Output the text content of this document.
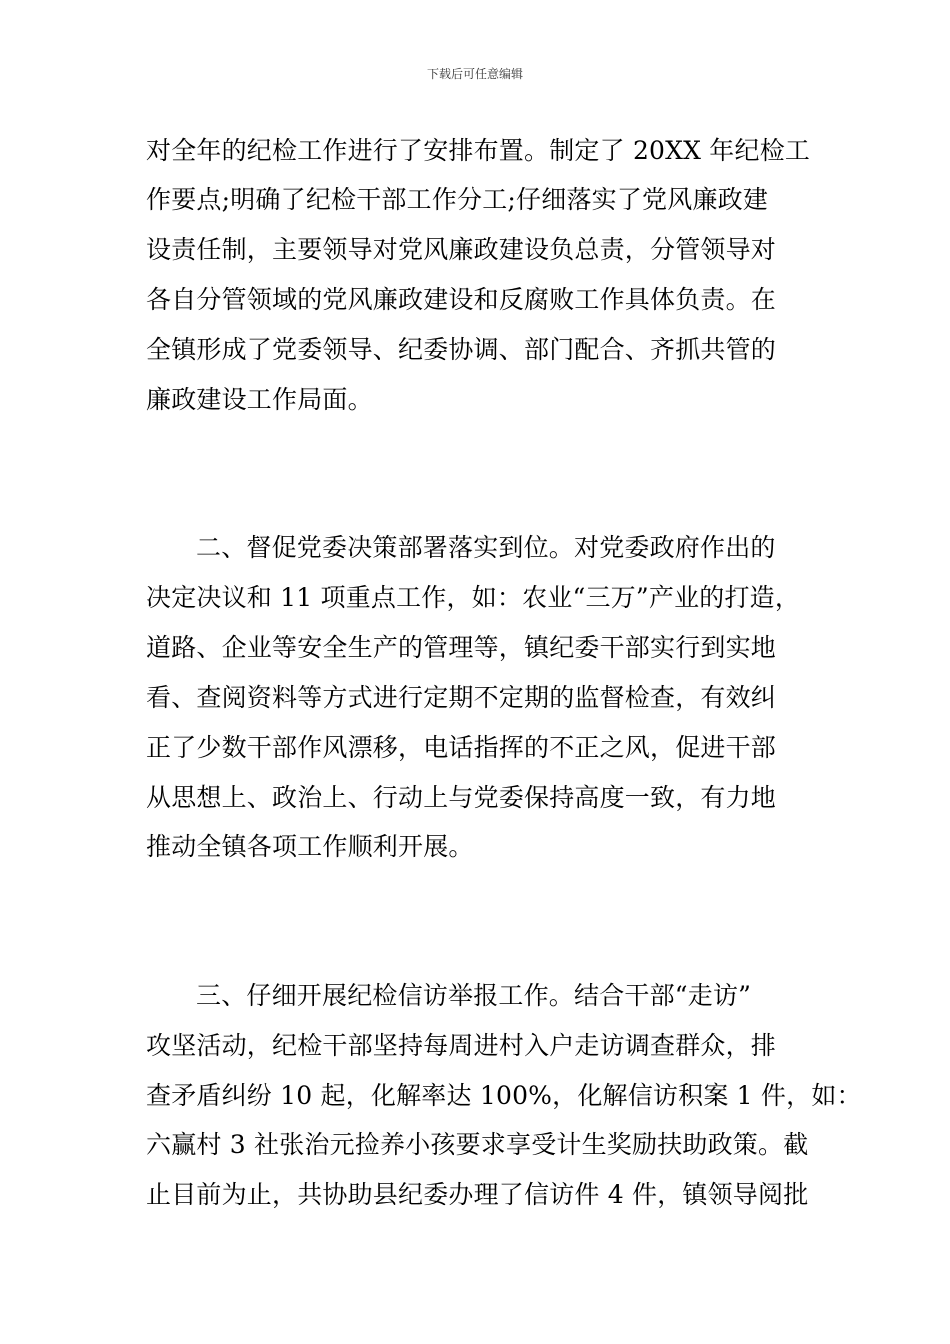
下载后可任意编辑
对全年的纪检工作进行了安排布置。制定了 20XX 年纪检工
作要点;明确了纪检干部工作分工;仔细落实了党风廉政建
设责任制，主要领导对党风廉政建设负总责，分管领导对
各自分管领域的党风廉政建设和反腐败工作具体负责。在
全镇形成了党委领导、纪委协调、部门配合、齐抓共管的
廉政建设工作局面。
二、督促党委决策部署落实到位。对党委政府作出的
决定决议和 11 项重点工作，如：农业“三万”产业的打造，
道路、企业等安全生产的管理等，镇纪委干部实行到实地
看、查阅资料等方式进行定期不定期的监督检查，有效纠
正了少数干部作风漂移，电话指挥的不正之风，促进干部
从思想上、政治上、行动上与党委保持高度一致，有力地
推动全镇各项工作顺利开展。
三、仔细开展纪检信访举报工作。结合干部“走访”
攻坚活动，纪检干部坚持每周进村入户走访调查群众，排
查矛盾纠纷 10 起，化解率达 100%，化解信访积案 1 件，如：
六赢村 3 社张治元捡养小孩要求享受计生奖励扶助政策。截
止目前为止，共协助县纪委办理了信访件 4 件，镇领导阅批
